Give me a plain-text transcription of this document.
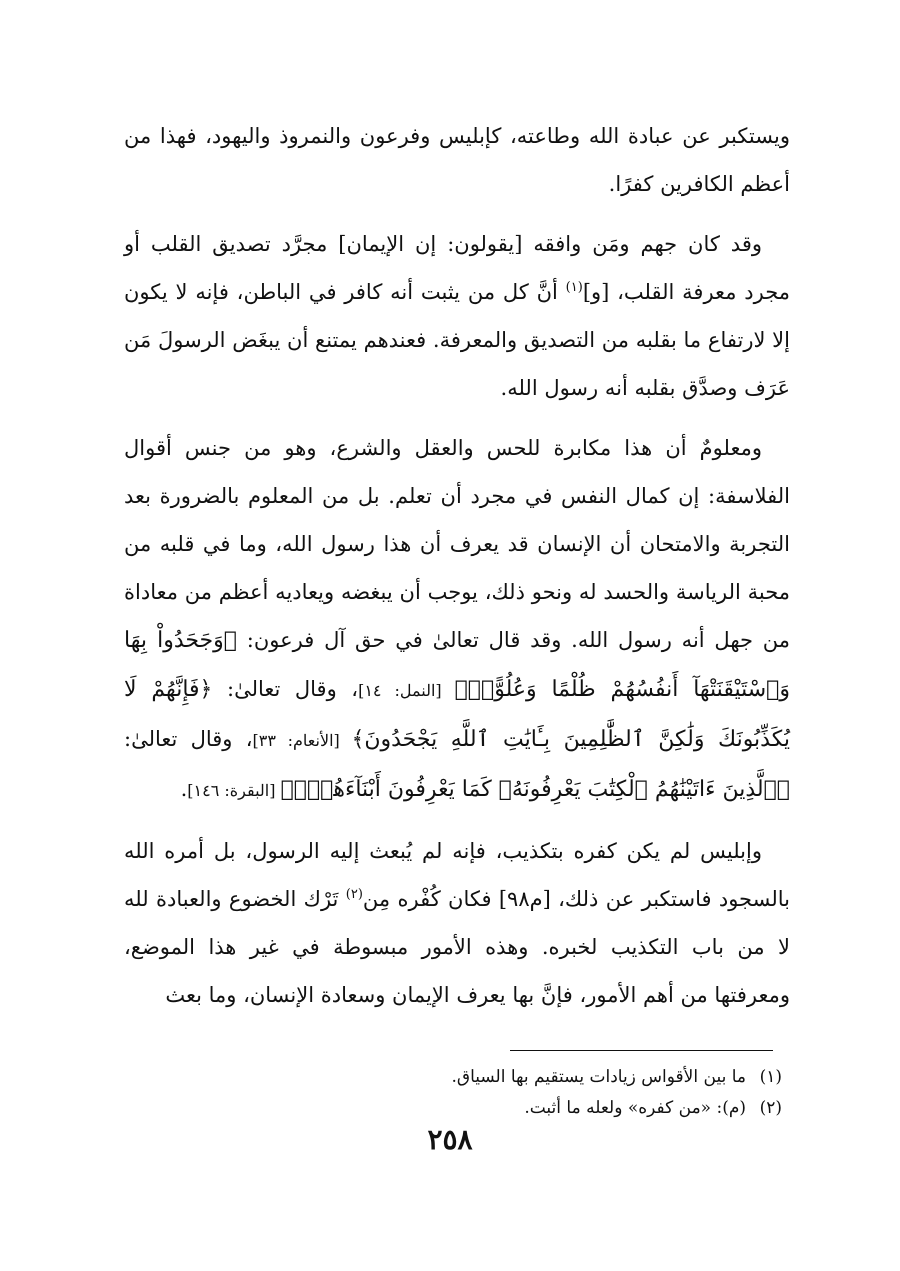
ويستكبر عن عبادة الله وطاعته، كإبليس وفرعون والنمروذ واليهود، فهذا من أعظم الكافرين كفرًا.

وقد كان جهم ومَن وافقه [يقولون: إن الإيمان] مجرَّد تصديق القلب أو مجرد معرفة القلب، [و]$^{(١)}$ أنَّ كل من يثبت أنه كافر في الباطن، فإنه لا يكون إلا لارتفاع ما بقلبه من التصديق والمعرفة. فعندهم يمتنع أن يبغَض الرسولَ مَن عَرَف وصدَّق بقلبه أنه رسول الله.

ومعلومٌ أن هذا مكابرة للحس والعقل والشرع، وهو من جنس أقوال الفلاسفة: إن كمال النفس في مجرد أن تعلم. بل من المعلوم بالضرورة بعد التجربة والامتحان أن الإنسان قد يعرف أن هذا رسول الله، وما في قلبه من محبة الرياسة والحسد له ونحو ذلك، يوجب أن يبغضه ويعاديه أعظم من معاداة من جهل أنه رسول الله. وقد قال تعالىٰ في حق آل فرعون: ﴿وَجَحَدُواْ بِهَا وَٱسْتَيْقَنَتْهَآ أَنفُسُهُمْ ظُلْمًا وَعُلُوًّاۚ﴾ [النمل: ١٤]، وقال تعالىٰ: ﴿فَإِنَّهُمْ لَا يُكَذِّبُونَكَ وَلَٰكِنَّ ٱلظَّٰلِمِينَ بِـَٔايَٰتِ ٱللَّهِ يَجْحَدُونَ﴾ [الأنعام: ٣٣]، وقال تعالىٰ: ﴿ٱلَّذِينَ ءَاتَيْنَٰهُمُ ٱلْكِتَٰبَ يَعْرِفُونَهُۥ كَمَا يَعْرِفُونَ أَبْنَآءَهُمْۖ﴾ [البقرة: ١٤٦].

وإبليس لم يكن كفره بتكذيب، فإنه لم يُبعث إليه الرسول، بل أمره الله بالسجود فاستكبر عن ذلك، [م٩٨] فكان كُفْره مِن$^{(٢)}$ تَرْك الخضوع والعبادة لله لا من باب التكذيب لخبره. وهذه الأمور مبسوطة في غير هذا الموضع، ومعرفتها من أهم الأمور، فإنَّ بها يعرف الإيمان وسعادة الإنسان، وما بعث

(١)ما بين الأقواس زيادات يستقيم بها السياق.

(٢)(م): «من كفره» ولعله ما أثبت.

٢٥٨
